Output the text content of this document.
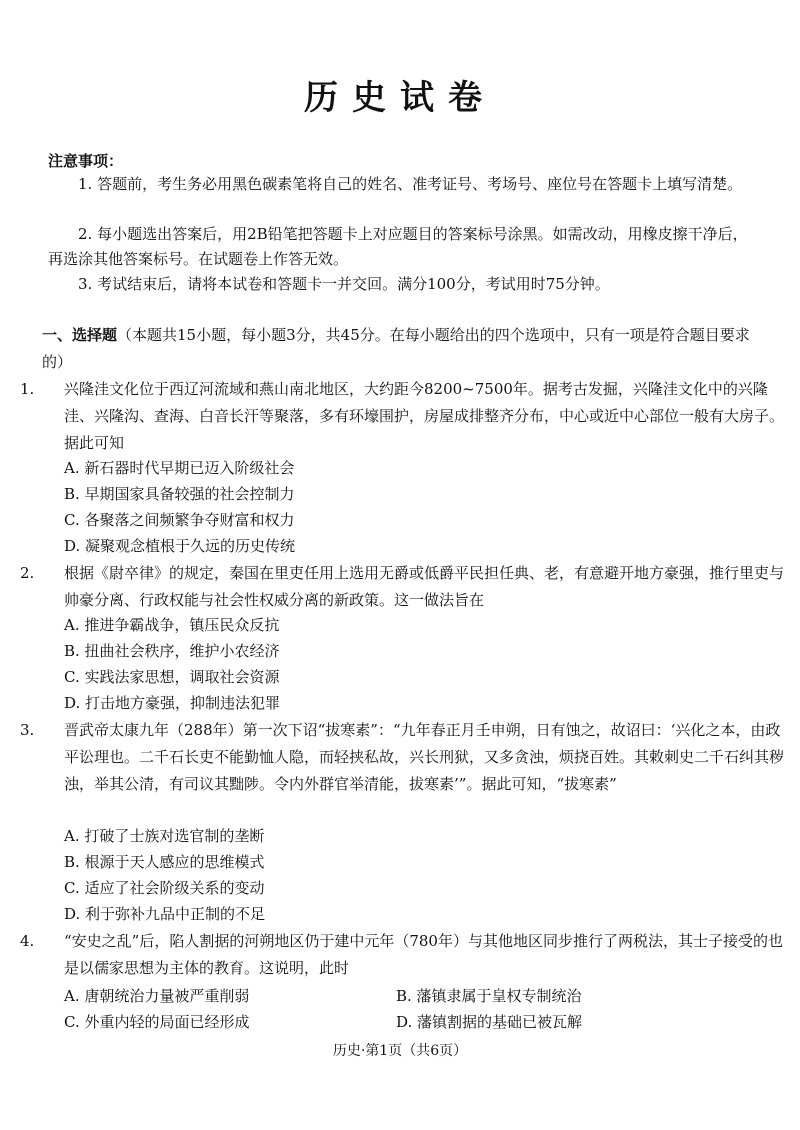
历史试卷
注意事项：
1. 答题前，考生务必用黑色碳素笔将自己的姓名、准考证号、考场号、座位号在答题卡上填写清楚。
2. 每小题选出答案后，用2B铅笔把答题卡上对应题目的答案标号涂黑。如需改动，用橡皮擦干净后，再选涂其他答案标号。在试题卷上作答无效。
3. 考试结束后，请将本试卷和答题卡一并交回。满分100分，考试用时75分钟。
一、选择题（本题共15小题，每小题3分，共45分。在每小题给出的四个选项中，只有一项是符合题目要求的）
1. 兴隆洼文化位于西辽河流域和燕山南北地区，大约距今8200~7500年。据考古发掘，兴隆洼文化中的兴隆洼、兴隆沟、查海、白音长汗等聚落，多有环壕围护，房屋成排整齐分布，中心或近中心部位一般有大房子。据此可知
A. 新石器时代早期已迈入阶级社会
B. 早期国家具备较强的社会控制力
C. 各聚落之间频繁争夺财富和权力
D. 凝聚观念植根于久远的历史传统
2. 根据《尉卒律》的规定，秦国在里吏任用上选用无爵或低爵平民担任典、老，有意避开地方豪强，推行里吏与帅豪分离、行政权能与社会性权威分离的新政策。这一做法旨在
A. 推进争霸战争，镇压民众反抗
B. 扭曲社会秩序，维护小农经济
C. 实践法家思想，调取社会资源
D. 打击地方豪强，抑制违法犯罪
3. 晋武帝太康九年（288年）第一次下诏“拔寒素”：“九年春正月壬申朔，日有蚀之，故诏曰：‘兴化之本，由政平讼理也。二千石长吏不能勤恤人隐，而轻挟私故，兴长刑狱，又多贪浊，烦挠百姓。其敕刺史二千石纠其秽浊，举其公清，有司议其黜陟。令内外群官举清能，拔寒素’”。据此可知，“拔寒素”
A. 打破了士族对选官制的垄断
B. 根源于天人感应的思维模式
C. 适应了社会阶级关系的变动
D. 利于弥补九品中正制的不足
4. “安史之乱”后，陷人割据的河朔地区仍于建中元年（780年）与其他地区同步推行了两税法，其士子接受的也是以儒家思想为主体的教育。这说明，此时
A. 唐朝统治力量被严重削弱	B. 藩镇隶属于皇权专制统治
C. 外重内轻的局面已经形成	D. 藩镇割据的基础已被瓦解
历史·第1页（共6页）
